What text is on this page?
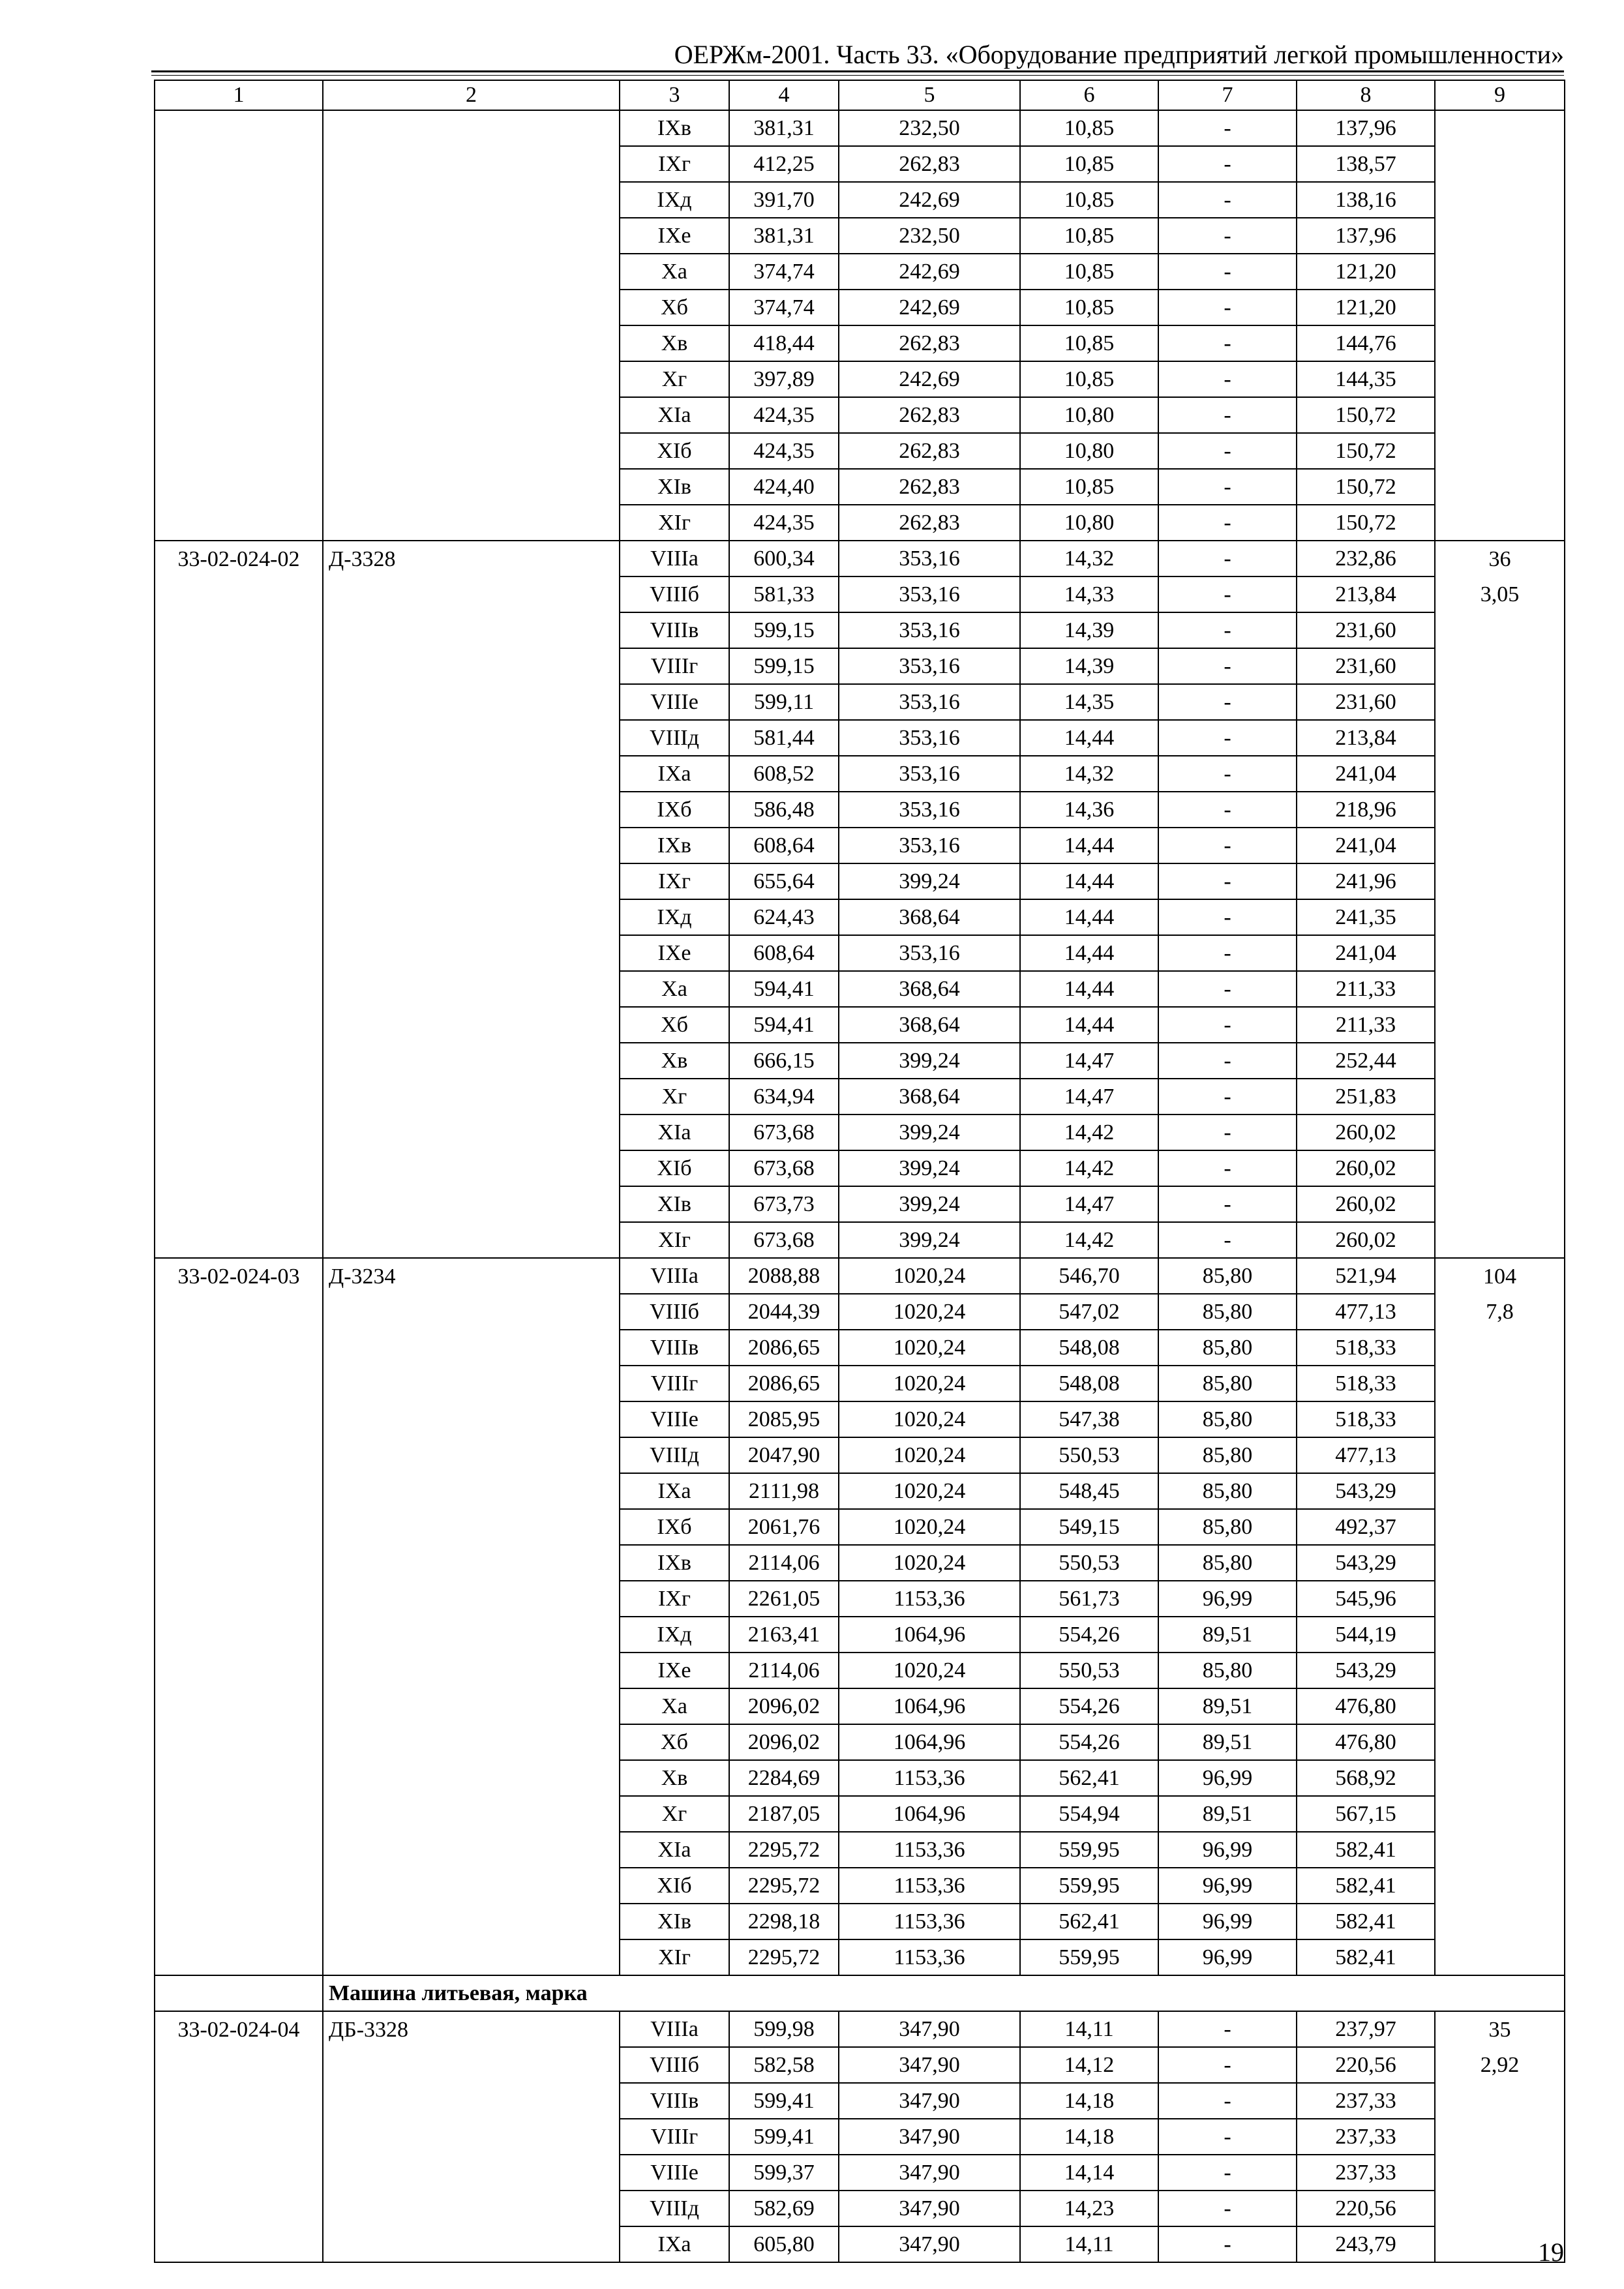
ОЕРЖм-2001. Часть 33. «Оборудование предприятий легкой промышленности»
1	2	3	4	5	6	7	8	9
		IXв	381,31	232,50	10,85	-	137,96	
		IXг	412,25	262,83	10,85	-	138,57	
		IXд	391,70	242,69	10,85	-	138,16	
		IXe	381,31	232,50	10,85	-	137,96	
		Xa	374,74	242,69	10,85	-	121,20	
		Xб	374,74	242,69	10,85	-	121,20	
		Xв	418,44	262,83	10,85	-	144,76	
		Xг	397,89	242,69	10,85	-	144,35	
		XIa	424,35	262,83	10,80	-	150,72	
		XIб	424,35	262,83	10,80	-	150,72	
		XIв	424,40	262,83	10,85	-	150,72	
		XIг	424,35	262,83	10,80	-	150,72	
33-02-024-02	Д-3328	VIIIa	600,34	353,16	14,32	-	232,86	36
		VIIIб	581,33	353,16	14,33	-	213,84	3,05
		VIIIв	599,15	353,16	14,39	-	231,60	
		VIIIг	599,15	353,16	14,39	-	231,60	
		VIIIe	599,11	353,16	14,35	-	231,60	
		VIIIд	581,44	353,16	14,44	-	213,84	
		IXa	608,52	353,16	14,32	-	241,04	
		IXб	586,48	353,16	14,36	-	218,96	
		IXв	608,64	353,16	14,44	-	241,04	
		IXг	655,64	399,24	14,44	-	241,96	
		IXд	624,43	368,64	14,44	-	241,35	
		IXe	608,64	353,16	14,44	-	241,04	
		Xa	594,41	368,64	14,44	-	211,33	
		Xб	594,41	368,64	14,44	-	211,33	
		Xв	666,15	399,24	14,47	-	252,44	
		Xг	634,94	368,64	14,47	-	251,83	
		XIa	673,68	399,24	14,42	-	260,02	
		XIб	673,68	399,24	14,42	-	260,02	
		XIв	673,73	399,24	14,47	-	260,02	
		XIг	673,68	399,24	14,42	-	260,02	
33-02-024-03	Д-3234	VIIIa	2088,88	1020,24	546,70	85,80	521,94	104
		VIIIб	2044,39	1020,24	547,02	85,80	477,13	7,8
		VIIIв	2086,65	1020,24	548,08	85,80	518,33	
		VIIIг	2086,65	1020,24	548,08	85,80	518,33	
		VIIIe	2085,95	1020,24	547,38	85,80	518,33	
		VIIIд	2047,90	1020,24	550,53	85,80	477,13	
		IXa	2111,98	1020,24	548,45	85,80	543,29	
		IXб	2061,76	1020,24	549,15	85,80	492,37	
		IXв	2114,06	1020,24	550,53	85,80	543,29	
		IXг	2261,05	1153,36	561,73	96,99	545,96	
		IXд	2163,41	1064,96	554,26	89,51	544,19	
		IXe	2114,06	1020,24	550,53	85,80	543,29	
		Xa	2096,02	1064,96	554,26	89,51	476,80	
		Xб	2096,02	1064,96	554,26	89,51	476,80	
		Xв	2284,69	1153,36	562,41	96,99	568,92	
		Xг	2187,05	1064,96	554,94	89,51	567,15	
		XIa	2295,72	1153,36	559,95	96,99	582,41	
		XIб	2295,72	1153,36	559,95	96,99	582,41	
		XIв	2298,18	1153,36	562,41	96,99	582,41	
		XIг	2295,72	1153,36	559,95	96,99	582,41	
	Машина литьевая, марка							
33-02-024-04	ДБ-3328	VIIIa	599,98	347,90	14,11	-	237,97	35
		VIIIб	582,58	347,90	14,12	-	220,56	2,92
		VIIIв	599,41	347,90	14,18	-	237,33	
		VIIIг	599,41	347,90	14,18	-	237,33	
		VIIIe	599,37	347,90	14,14	-	237,33	
		VIIIд	582,69	347,90	14,23	-	220,56	
		IXa	605,80	347,90	14,11	-	243,79		19
